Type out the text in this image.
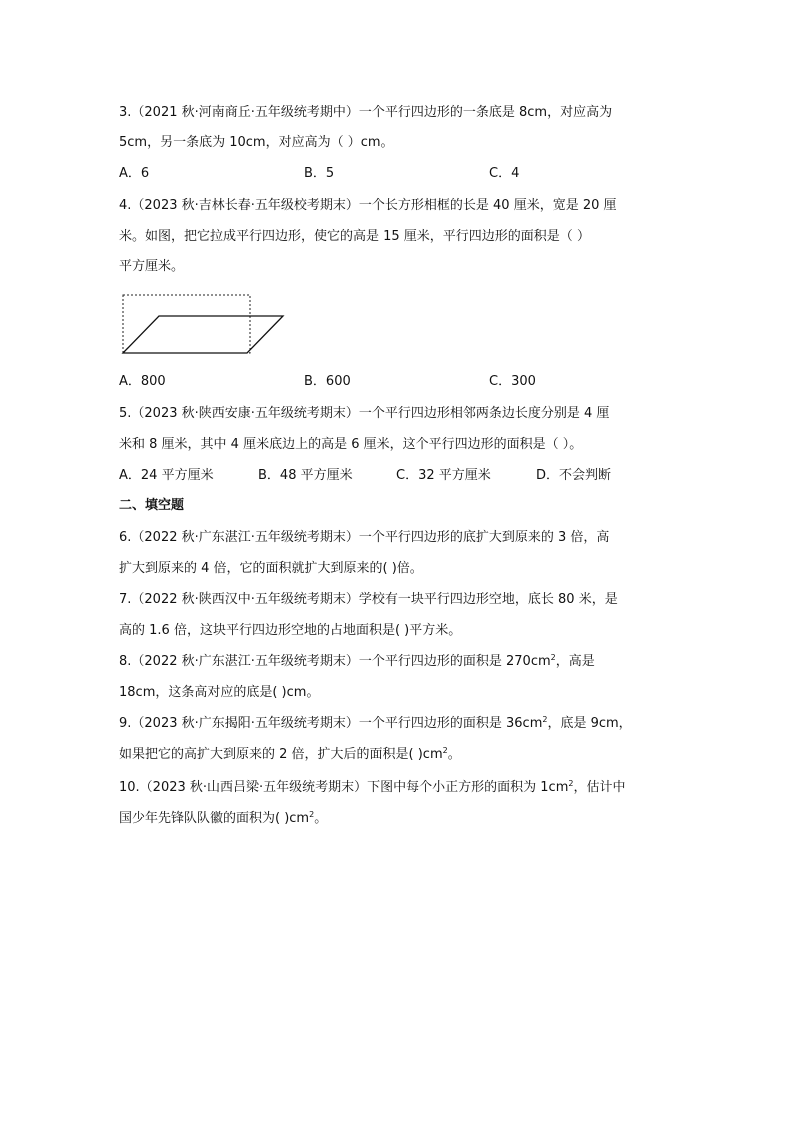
3.（2021 秋·河南商丘·五年级统考期中）一个平行四边形的一条底是 8cm，对应高为
5cm，另一条底为 10cm，对应高为（ ）cm。
A．6	B．5	C．4
4.（2023 秋·吉林长春·五年级校考期末）一个长方形相框的长是 40 厘米，宽是 20 厘
米。如图，把它拉成平行四边形，使它的高是 15 厘米，平行四边形的面积是（ ）
平方厘米。
A．800	B．600	C．300
5.（2023 秋·陕西安康·五年级统考期末）一个平行四边形相邻两条边长度分别是 4 厘
米和 8 厘米，其中 4 厘米底边上的高是 6 厘米，这个平行四边形的面积是（ ）。
A．24 平方厘米	B．48 平方厘米	C．32 平方厘米	D．不会判断
二、填空题
6.（2022 秋·广东湛江·五年级统考期末）一个平行四边形的底扩大到原来的 3 倍，高
扩大到原来的 4 倍，它的面积就扩大到原来的( )倍。
7.（2022 秋·陕西汉中·五年级统考期末）学校有一块平行四边形空地，底长 80 米，是
高的 1.6 倍，这块平行四边形空地的占地面积是( )平方米。
8.（2022 秋·广东湛江·五年级统考期末）一个平行四边形的面积是 $270cm^2$，高是
18cm，这条高对应的底是( )cm。
9.（2023 秋·广东揭阳·五年级统考期末）一个平行四边形的面积是 $36cm^2$，底是 9cm，
如果把它的高扩大到原来的 2 倍，扩大后的面积是( )$cm^2$。
10.（2023 秋·山西吕梁·五年级统考期末）下图中每个小正方形的面积为 $1cm^2$，估计中
国少年先锋队队徽的面积为( )$cm^2$。
